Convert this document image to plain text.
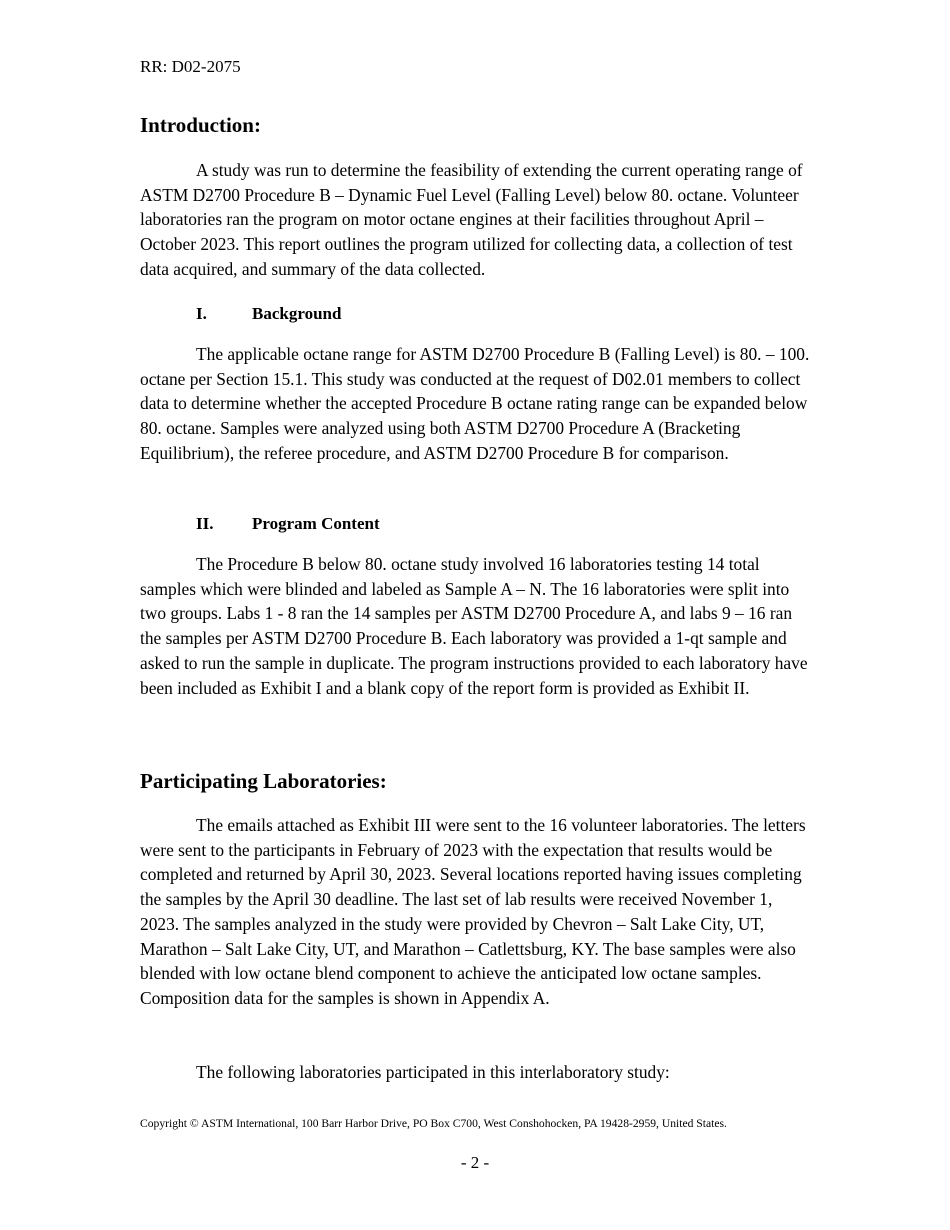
RR: D02-2075

Introduction:

A study was run to determine the feasibility of extending the current operating range of ASTM D2700 Procedure B – Dynamic Fuel Level (Falling Level) below 80. octane. Volunteer laboratories ran the program on motor octane engines at their facilities throughout April – October 2023. This report outlines the program utilized for collecting data, a collection of test data acquired, and summary of the data collected.

I.	Background

The applicable octane range for ASTM D2700 Procedure B (Falling Level) is 80. – 100. octane per Section 15.1. This study was conducted at the request of D02.01 members to collect data to determine whether the accepted Procedure B octane rating range can be expanded below 80. octane. Samples were analyzed using both ASTM D2700 Procedure A (Bracketing Equilibrium), the referee procedure, and ASTM D2700 Procedure B for comparison.

II.	Program Content

The Procedure B below 80. octane study involved 16 laboratories testing 14 total samples which were blinded and labeled as Sample A – N. The 16 laboratories were split into two groups. Labs 1 - 8 ran the 14 samples per ASTM D2700 Procedure A, and labs 9 – 16 ran the samples per ASTM D2700 Procedure B. Each laboratory was provided a 1-qt sample and asked to run the sample in duplicate. The program instructions provided to each laboratory have been included as Exhibit I and a blank copy of the report form is provided as Exhibit II.

Participating Laboratories:

The emails attached as Exhibit III were sent to the 16 volunteer laboratories. The letters were sent to the participants in February of 2023 with the expectation that results would be completed and returned by April 30, 2023. Several locations reported having issues completing the samples by the April 30 deadline. The last set of lab results were received November 1, 2023. The samples analyzed in the study were provided by Chevron – Salt Lake City, UT, Marathon – Salt Lake City, UT, and Marathon – Catlettsburg, KY. The base samples were also blended with low octane blend component to achieve the anticipated low octane samples. Composition data for the samples is shown in Appendix A.

The following laboratories participated in this interlaboratory study:

Copyright © ASTM International, 100 Barr Harbor Drive, PO Box C700, West Conshohocken, PA 19428-2959, United States.

- 2 -
